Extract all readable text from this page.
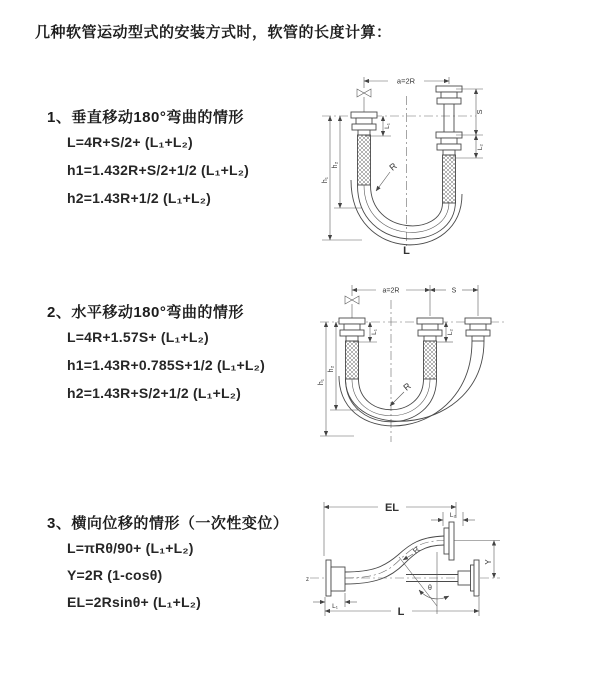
几种软管运动型式的安装方式时，软管的长度计算：
1、垂直移动180°弯曲的情形
L=4R+S/2+ (L₁+L₂)
h1=1.432R+S/2+1/2 (L₁+L₂)
h2=1.43R+1/2 (L₁+L₂)
2、水平移动180°弯曲的情形
L=4R+1.57S+ (L₁+L₂)
h1=1.43R+0.785S+1/2 (L₁+L₂)
h2=1.43R+S/2+1/2 (L₁+L₂)
3、横向位移的情形（一次性变位）
L=πRθ/90+ (L₁+L₂)
Y=2R (1-cosθ)
EL=2Rsinθ+ (L₁+L₂)
a=2R
R
h₁
h₂
L₁
S
L₂
L
a=2R	S
R
h₁
h₂
L₁	L₂
EL
L₂
z
R
θ
Y
L
L₁
